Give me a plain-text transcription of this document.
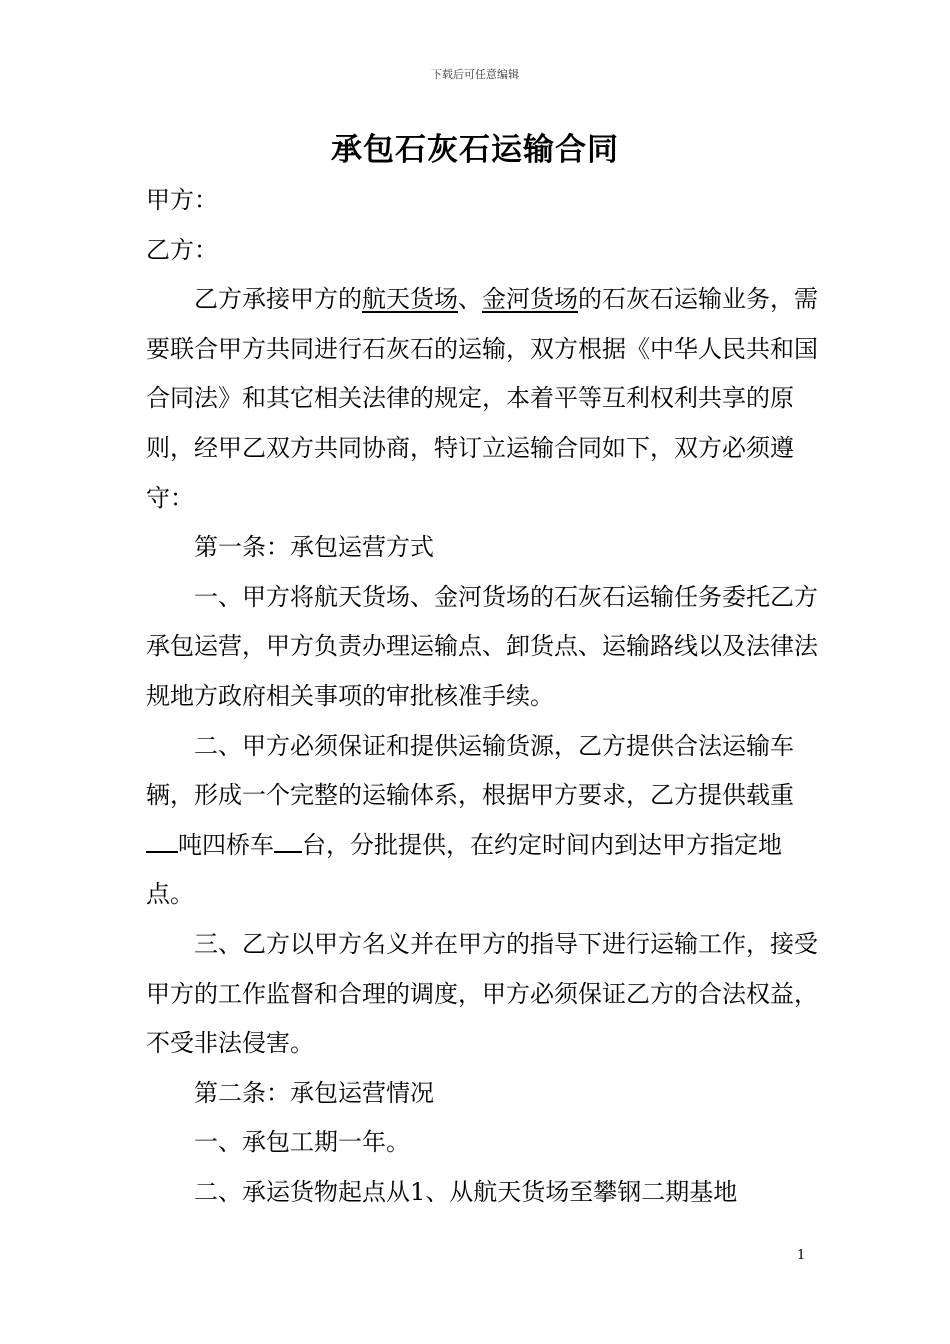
下载后可任意编辑
承包石灰石运输合同

甲方：

乙方：

乙方承接甲方的航天货场、金河货场的石灰石运输业务，需要联合甲方共同进行石灰石的运输，双方根据《中华人民共和国合同法》和其它相关法律的规定，本着平等互利权利共享的原则，经甲乙双方共同协商，特订立运输合同如下，双方必须遵守：

第一条：承包运营方式

一、甲方将航天货场、金河货场的石灰石运输任务委托乙方承包运营，甲方负责办理运输点、卸货点、运输路线以及法律法规地方政府相关事项的审批核准手续。

二、甲方必须保证和提供运输货源，乙方提供合法运输车辆，形成一个完整的运输体系，根据甲方要求，乙方提供载重吨四桥车 台，分批提供，在约定时间内到达甲方指定地点。

三、乙方以甲方名义并在甲方的指导下进行运输工作，接受甲方的工作监督和合理的调度，甲方必须保证乙方的合法权益，不受非法侵害。

第二条：承包运营情况

一、承包工期一年。

二、承运货物起点从1、从航天货场至攀钢二期基地

1
